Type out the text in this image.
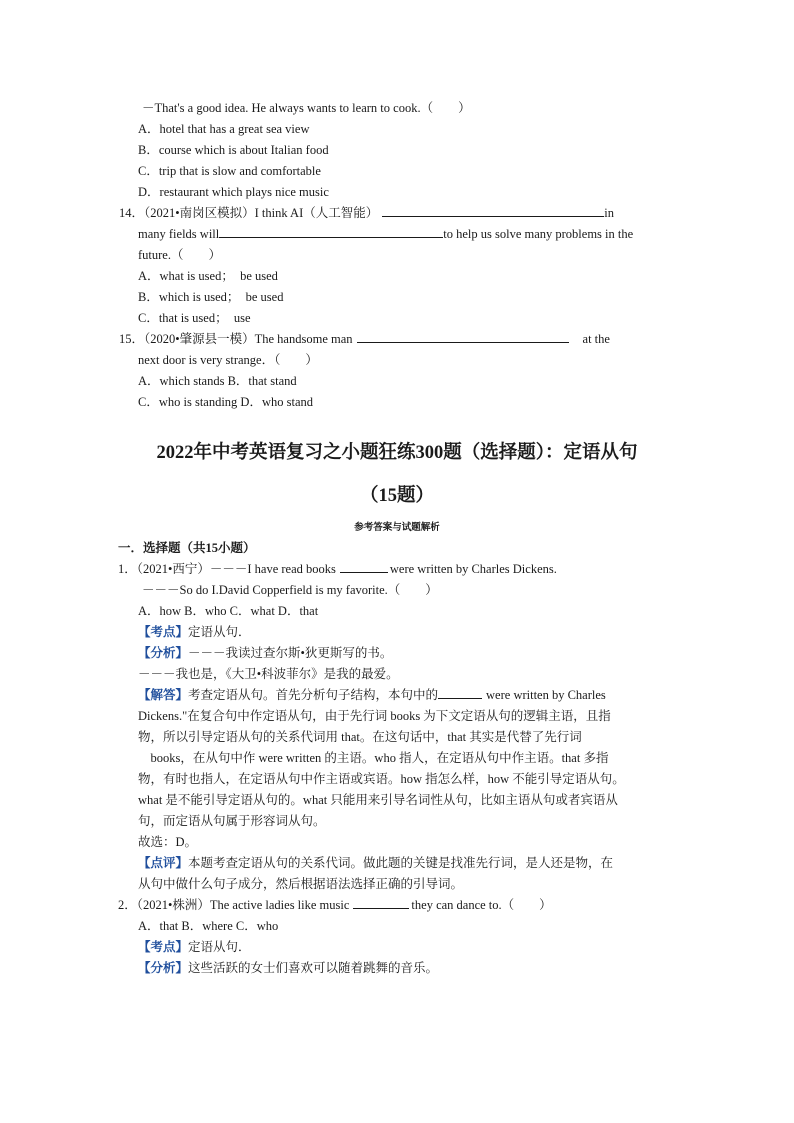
－That's a good idea. He always wants to learn to cook.（　　）
A．hotel that has a great sea view
B．course which is about Italian food
C．trip that is slow and comfortable
D．restaurant which plays nice music
14．（2021•南岗区模拟）I think AI（人工智能）	in
many fields will	to help us solve many problems in the
future.（　　）
A．what is used；　be used
B．which is used；　be used
C．that is used；　use
15．（2020•肇源县一模）The handsome man	at the
next door is very strange．（　　）
A．which stands B．that stand
C．who is standing D．who stand
2022年中考英语复习之小题狂练300题（选择题）：定语从句
（15题）
参考答案与试题解析
一．选择题（共15小题）
1．（2021•西宁）－－－I have read books	were written by Charles Dickens.
－－－So do I.David Copperfield is my favorite.（　　）
A．how B．who C．what D．that
【考点】定语从句．
【分析】－－－我读过查尔斯•狄更斯写的书。
－－－我也是，《大卫•科波菲尔》是我的最爱。
【解答】考查定语从句。首先分析句子结构，本句中的	were written by Charles
Dickens."在复合句中作定语从句，由于先行词 books 为下文定语从句的逻辑主语，且指
物，所以引导定语从句的关系代词用 that。在这句话中，that 其实是代替了先行词
　books，在从句中作 were written 的主语。who 指人，在定语从句中作主语。that 多指
物，有时也指人，在定语从句中作主语或宾语。how 指怎么样，how 不能引导定语从句。
what 是不能引导定语从句的。what 只能用来引导名词性从句，比如主语从句或者宾语从
句，而定语从句属于形容词从句。
故选：D。
【点评】本题考查定语从句的关系代词。做此题的关键是找准先行词，是人还是物，在
从句中做什么句子成分，然后根据语法选择正确的引导词。
2．（2021•株洲）The active ladies like music	they can dance to.（　　）
A．that B．where C．who
【考点】定语从句．
【分析】这些活跃的女士们喜欢可以随着跳舞的音乐。
